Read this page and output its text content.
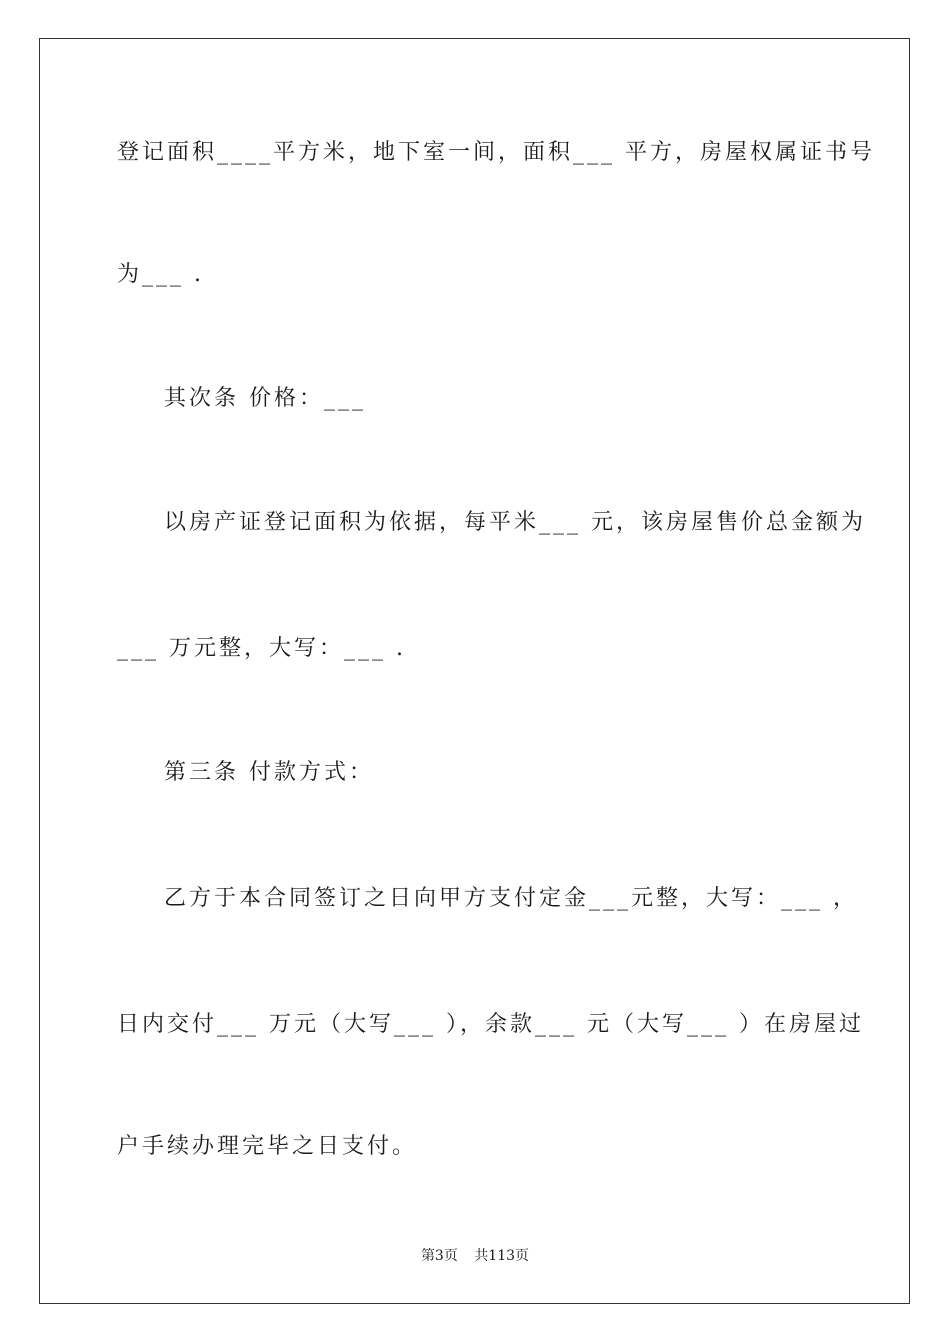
登记面积____平方米，地下室一间，面积___ 平方，房屋权属证书号
为___ .
其次条 价格：___
以房产证登记面积为依据，每平米___ 元，该房屋售价总金额为
___ 万元整，大写：___ .
第三条 付款方式：
乙方于本合同签订之日向甲方支付定金___元整，大写：___ ，
日内交付___ 万元（大写___ ），余款___ 元（大写___ ）在房屋过
户手续办理完毕之日支付。
第3页 共113页
